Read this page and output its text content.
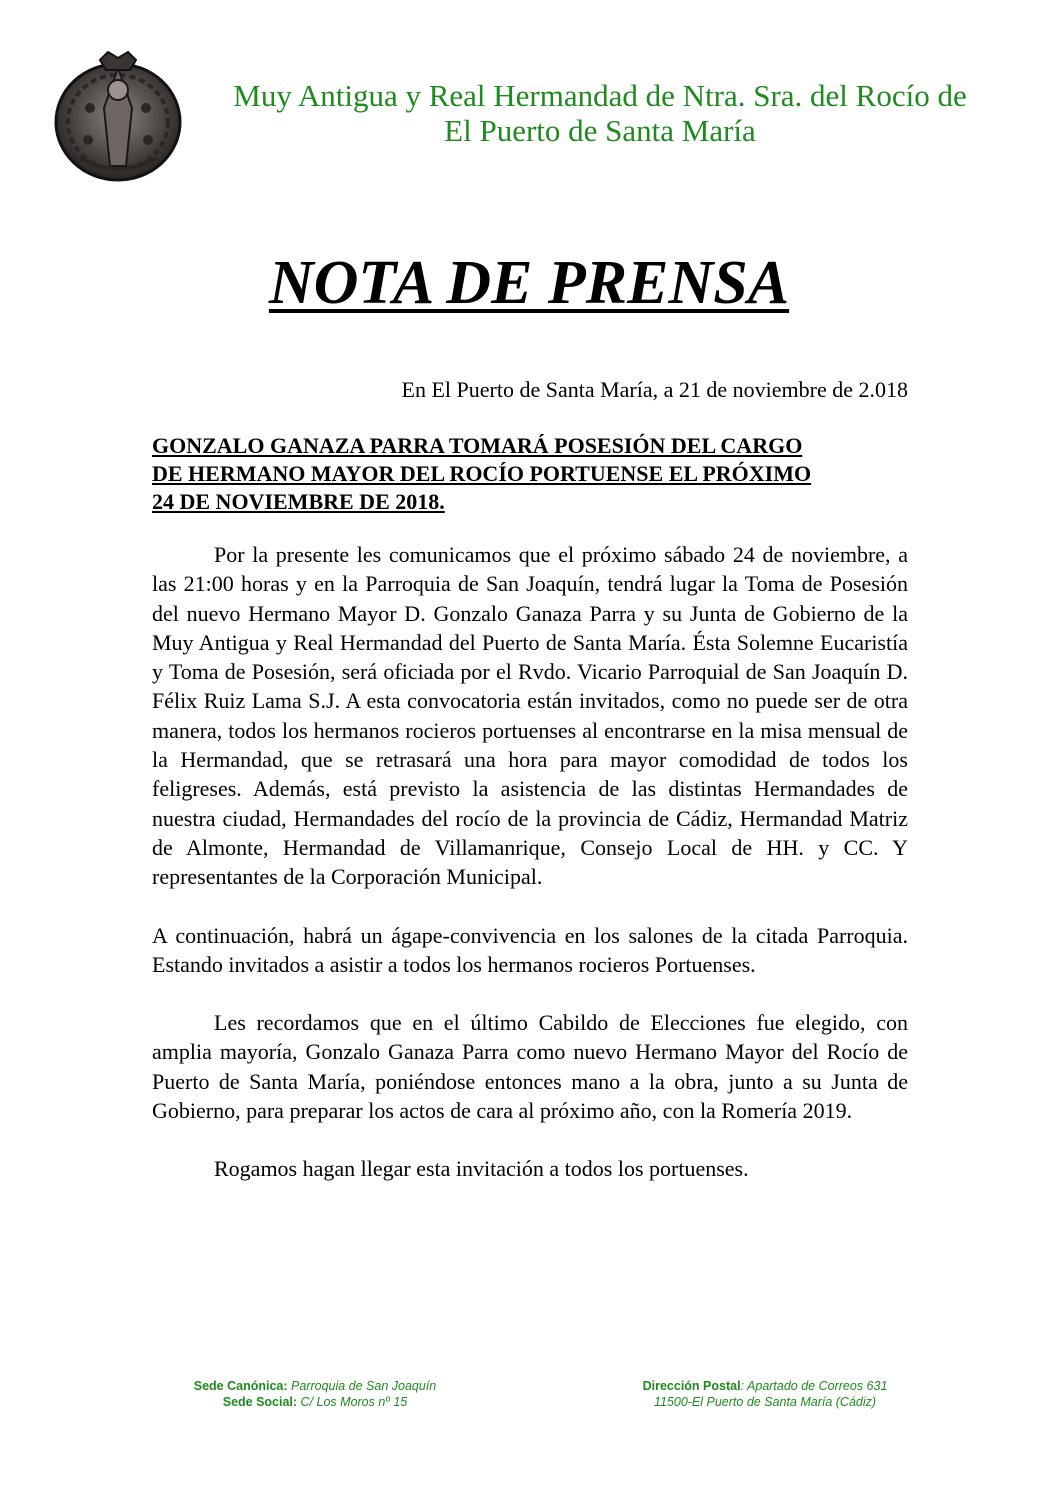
Muy Antigua y Real Hermandad de Ntra. Sra. del Rocío de
El Puerto de Santa María
NOTA DE PRENSA
En El Puerto de Santa María, a 21 de noviembre de 2.018
GONZALO GANAZA PARRA TOMARÁ POSESIÓN DEL CARGO
DE HERMANO MAYOR DEL ROCÍO PORTUENSE EL PRÓXIMO
24 DE NOVIEMBRE DE 2018.

Por la presente les comunicamos que el próximo sábado 24 de noviembre, a las 21:00 horas y en la Parroquia de San Joaquín, tendrá lugar la Toma de Posesión del nuevo Hermano Mayor D. Gonzalo Ganaza Parra y su Junta de Gobierno de la Muy Antigua y Real Hermandad del Puerto de Santa María. Ésta Solemne Eucaristía y Toma de Posesión, será oficiada por el Rvdo. Vicario Parroquial de San Joaquín D. Félix Ruiz Lama S.J. A esta convocatoria están invitados, como no puede ser de otra manera, todos los hermanos rocieros portuenses al encontrarse en la misa mensual de la Hermandad, que se retrasará una hora para mayor comodidad de todos los feligreses. Además, está previsto la asistencia de las distintas Hermandades de nuestra ciudad, Hermandades del rocío de la provincia de Cádiz, Hermandad Matriz de Almonte, Hermandad de Villamanrique, Consejo Local de HH. y CC. Y representantes de la Corporación Municipal.

A continuación, habrá un ágape-convivencia en los salones de la citada Parroquia. Estando invitados a asistir a todos los hermanos rocieros Portuenses.

Les recordamos que en el último Cabildo de Elecciones fue elegido, con amplia mayoría, Gonzalo Ganaza Parra como nuevo Hermano Mayor del Rocío de Puerto de Santa María, poniéndose entonces mano a la obra, junto a su Junta de Gobierno, para preparar los actos de cara al próximo año, con la Romería 2019.

Rogamos hagan llegar esta invitación a todos los portuenses.

Sede Canónica: Parroquia de San Joaquín
Sede Social: C/ Los Moros nº 15
Dirección Postal: Apartado de Correos 631
11500-El Puerto de Santa María (Cádiz)
